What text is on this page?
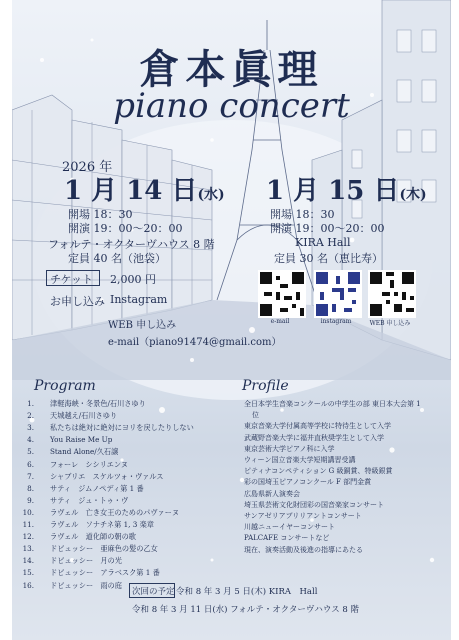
倉本眞理
piano concert
2026 年
1 月 14 日(水)
開場 18：30
開演 19：00〜20：00
フォルテ・オクターヴハウス 8 階
定員 40 名（池袋）
1 月 15 日(木)
開場 18：30
開演 19：00〜20：00
KIRA Hall
定員 30 名（恵比寿）
チケット 2,000 円
お申し込み Instagram
WEB 申し込み
e-mail（piano91474@gmail.com）
e-mail	instagram	WEB 申し込み
Program
1. 津軽海峡・冬景色/石川さゆり
2. 天城越え/石川さゆり
3. 私たちは絶対に絶対にヨリを戻したりしない
4. You Raise Me Up
5. Stand Alone/久石譲
6. フォーレ　シシリエンヌ
7. シャブリエ　スケルツォ・ヴァルス
8. サティ　ジムノペディ第 1 番
9. サティ　ジュ・トゥ・ヴ
10. ラヴェル　亡き女王のためのパヴァーヌ
11. ラヴェル　ソナチネ第 1, 3 楽章
12. ラヴェル　道化師の朝の歌
13. ドビュッシー　亜麻色の髪の乙女
14. ドビュッシー　月の光
15. ドビュッシー　アラベスク第 1 番
16. ドビュッシー　雨の庭
Profile
全日本学生音楽コンクールの中学生の部 東日本大会第 1
位
東京音楽大学付属高等学校に特待生として入学
武蔵野音楽大学に福井直秋奨学生として入学
東京芸術大学ピアノ科に入学
ウィーン国立音楽大学短期講習受講
ピティナコンペティション G 級銅賞、特級銀賞
彩の国埼玉ピアノコンクール F 部門金賞
広島県新人演奏会
埼玉県芸術文化財団彩の国音楽家コンサート
サンアゼリアブリリアントコンサート
川越ニューイヤーコンサート
PALCAFE コンサートなど
現在、演奏活動及後進の指導にあたる
次回の予定 令和 8 年 3 月 5 日(木) KIRA　Hall
令和 8 年 3 月 11 日(水) フォルテ・オクターヴハウス 8 階
